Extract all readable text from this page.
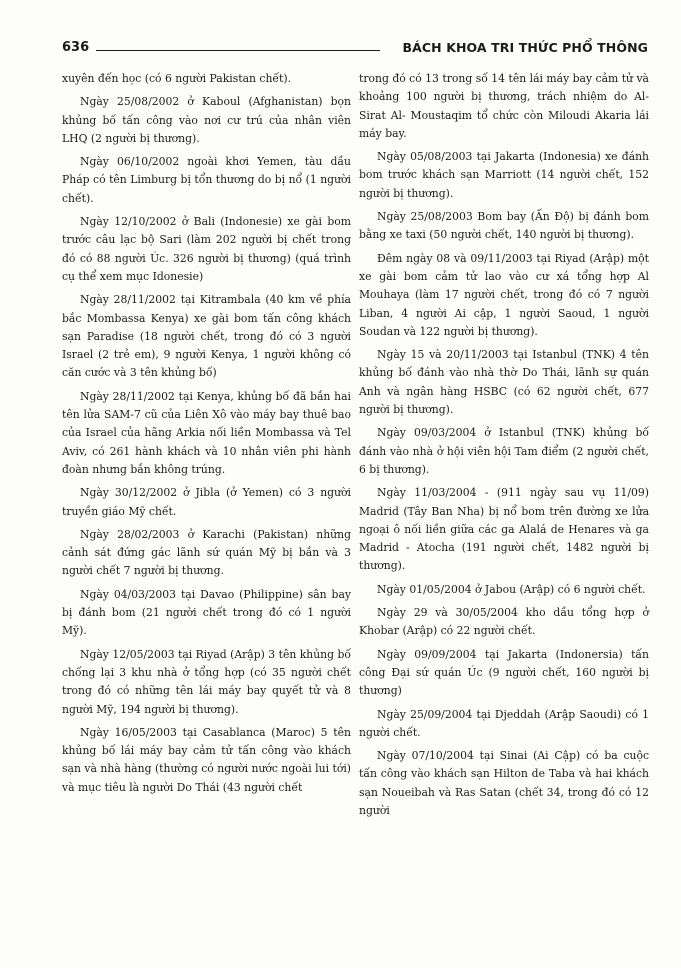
636	BÁCH KHOA TRI THỨC PHỔ THÔNG

xuyên đến học (có 6 người Pakistan chết).

Ngày 25/08/2002 ở Kaboul (Afghanistan) bọn khủng bố tấn công vào nơi cư trú của nhân viên LHQ (2 người bị thương).

Ngày 06/10/2002 ngoài khơi Yemen, tàu dầu Pháp có tên Limburg bị tổn thương do bị nổ (1 người chết).

Ngày 12/10/2002 ở Bali (Indonesie) xe gài bom trước câu lạc bộ Sari (làm 202 người bị chết trong đó có 88 người Úc. 326 người bị thương) (quá trình cụ thể xem mục Idonesie)

Ngày 28/11/2002 tại Kitrambala (40 km về phía bắc Mombassa Kenya) xe gài bom tấn công khách sạn Paradise (18 người chết, trong đó có 3 người Israel (2 trẻ em), 9 người Kenya, 1 người không có căn cước và 3 tên khủng bố)

Ngày 28/11/2002 tại Kenya, khủng bố đã bắn hai tên lửa SAM-7 cũ của Liên Xô vào máy bay thuê bao của Israel của hãng Arkia nối liền Mombassa và Tel Aviv, có 261 hành khách và 10 nhân viên phi hành đoàn nhưng bắn không trúng.

Ngày 30/12/2002 ở Jibla (ở Yemen) có 3 người truyền giáo Mỹ chết.

Ngày 28/02/2003 ở Karachi (Pakistan) những cảnh sát đứng gác lãnh sứ quán Mỹ bị bắn và 3 người chết 7 người bị thương.

Ngày 04/03/2003 tại Davao (Philippine) sân bay bị đánh bom (21 người chết trong đó có 1 người Mỹ).

Ngày 12/05/2003 tại Riyad (Arập) 3 tên khủng bố chống lại 3 khu nhà ở tổng hợp (có 35 người chết trong đó có những tên lái máy bay quyết tử và 8 người Mỹ, 194 người bị thương).

Ngày 16/05/2003 tại Casablanca (Maroc) 5 tên khủng bố lái máy bay cảm tử tấn công vào khách sạn và nhà hàng (thường có người nước ngoài lui tới) và mục tiêu là người Do Thái (43 người chết

trong đó có 13 trong số 14 tên lái máy bay cảm tử và khoảng 100 người bị thương, trách nhiệm do Al- Sirat Al- Moustaqim tổ chức còn Miloudi Akaria lái máy bay.

Ngày 05/08/2003 tại Jakarta (Indonesia) xe đánh bom trước khách sạn Marriott (14 người chết, 152 người bị thương).

Ngày 25/08/2003 Bom bay (Ấn Độ) bị đánh bom bằng xe taxi (50 người chết, 140 người bị thương).

Đêm ngày 08 và 09/11/2003 tại Riyad (Arập) một xe gài bom cảm tử lao vào cư xá tổng hợp Al Mouhaya (làm 17 người chết, trong đó có 7 người Liban, 4 người Ai cập, 1 người Saoud, 1 người Soudan và 122 người bị thương).

Ngày 15 và 20/11/2003 tại Istanbul (TNK) 4 tên khủng bố đánh vào nhà thờ Do Thái, lãnh sự quán Anh và ngân hàng HSBC (có 62 người chết, 677 người bị thương).

Ngày 09/03/2004 ở Istanbul (TNK) khủng bố đánh vào nhà ở hội viên hội Tam điểm (2 người chết, 6 bị thương).

Ngày 11/03/2004 - (911 ngày sau vụ 11/09) Madrid (Tây Ban Nha) bị nổ bom trên đường xe lửa ngoại ô nối liền giữa các ga Alalá de Henares và ga Madrid - Atocha (191 người chết, 1482 người bị thương).

Ngày 01/05/2004 ở Jabou (Arập) có 6 người chết.

Ngày 29 và 30/05/2004 kho dầu tổng hợp ở Khobar (Arập) có 22 người chết.

Ngày 09/09/2004 tại Jakarta (Indonersia) tấn công Đại sứ quán Úc (9 người chết, 160 người bị thương)

Ngày 25/09/2004 tại Djeddah (Arập Saoudi) có 1 người chết.

Ngày 07/10/2004 tại Sinai (Ai Cập) có ba cuộc tấn công vào khách sạn Hilton de Taba và hai khách sạn Noueibah và Ras Satan (chết 34, trong đó có 12 người
